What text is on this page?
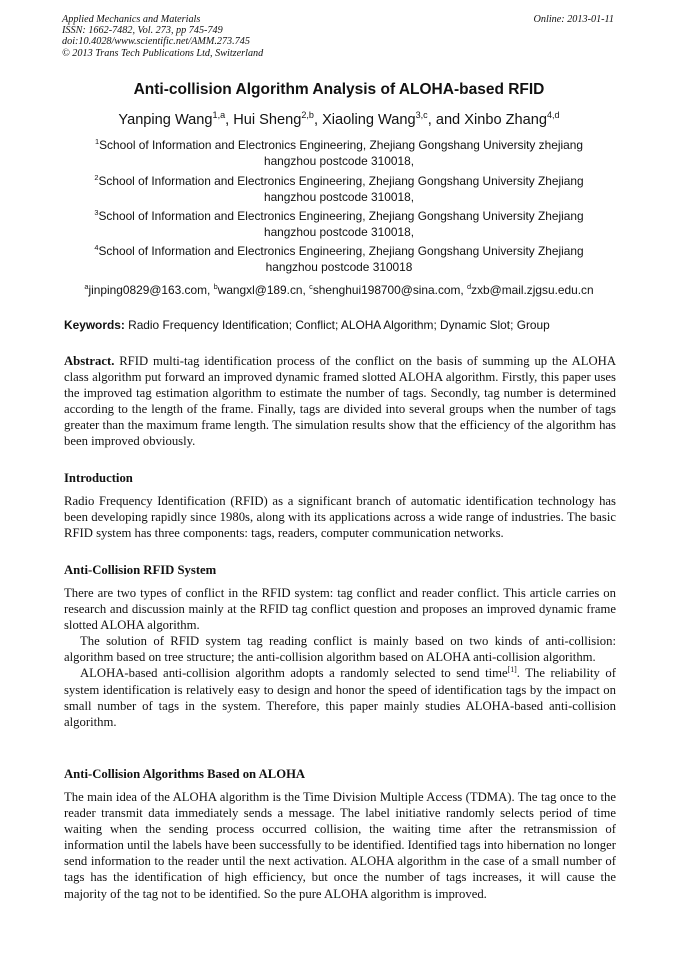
Applied Mechanics and Materials
ISSN: 1662-7482, Vol. 273, pp 745-749
doi:10.4028/www.scientific.net/AMM.273.745
© 2013 Trans Tech Publications Ltd, Switzerland
Online: 2013-01-11
Anti-collision Algorithm Analysis of ALOHA-based RFID
Yanping Wang$^{1,a}$, Hui Sheng$^{2,b}$, Xiaoling Wang$^{3,c}$, and Xinbo Zhang$^{4,d}$
$^1$School of Information and Electronics Engineering, Zhejiang Gongshang University zhejiang
hangzhou postcode 310018,
$^2$School of Information and Electronics Engineering, Zhejiang Gongshang University Zhejiang
hangzhou postcode 310018,
$^3$School of Information and Electronics Engineering, Zhejiang Gongshang University Zhejiang
hangzhou postcode 310018,
$^4$School of Information and Electronics Engineering, Zhejiang Gongshang University Zhejiang
hangzhou postcode 310018
$^a$jinping0829@163.com, $^b$wangxl@189.cn, $^c$shenghui198700@sina.com, $^d$zxb@mail.zjgsu.edu.cn
Keywords: Radio Frequency Identification; Conflict; ALOHA Algorithm; Dynamic Slot; Group
Abstract. RFID multi-tag identification process of the conflict on the basis of summing up the ALOHA class algorithm put forward an improved dynamic framed slotted ALOHA algorithm. Firstly, this paper uses the improved tag estimation algorithm to estimate the number of tags. Secondly, tag number is determined according to the length of the frame. Finally, tags are divided into several groups when the number of tags greater than the maximum frame length. The simulation results show that the efficiency of the algorithm has been improved obviously.
Introduction
Radio Frequency Identification (RFID) as a significant branch of automatic identification technology has been developing rapidly since 1980s, along with its applications across a wide range of industries. The basic RFID system has three components: tags, readers, computer communication networks.
Anti-Collision RFID System
There are two types of conflict in the RFID system: tag conflict and reader conflict. This article carries on research and discussion mainly at the RFID tag conflict question and proposes an improved dynamic frame slotted ALOHA algorithm.
The solution of RFID system tag reading conflict is mainly based on two kinds of anti-collision: algorithm based on tree structure; the anti-collision algorithm based on ALOHA anti-collision algorithm.
ALOHA-based anti-collision algorithm adopts a randomly selected to send time[1]. The reliability of system identification is relatively easy to design and honor the speed of identification tags by the impact on small number of tags in the system. Therefore, this paper mainly studies ALOHA-based anti-collision algorithm.
Anti-Collision Algorithms Based on ALOHA
The main idea of the ALOHA algorithm is the Time Division Multiple Access (TDMA). The tag once to the reader transmit data immediately sends a message. The label initiative randomly selects period of time waiting when the sending process occurred collision, the waiting time after the retransmission of information until the labels have been successfully to be identified. Identified tags into hibernation no longer send information to the reader until the next activation. ALOHA algorithm in the case of a small number of tags has the identification of high efficiency, but once the number of tags increases, it will cause the majority of the tag not to be identified. So the pure ALOHA algorithm is improved.
